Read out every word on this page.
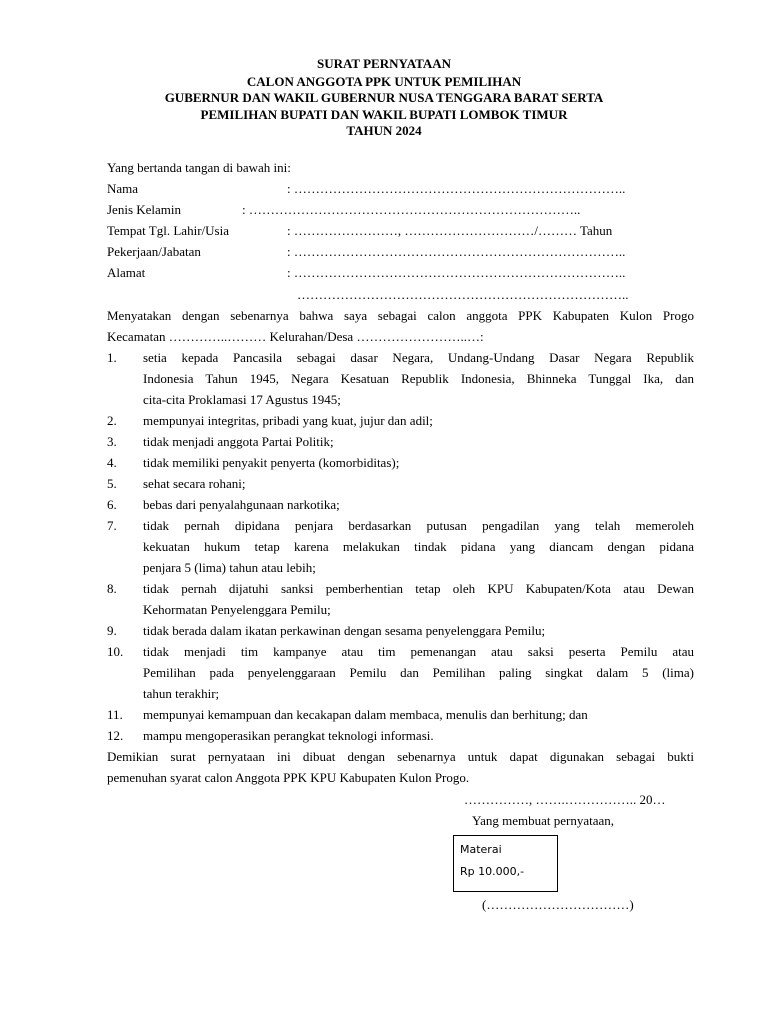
SURAT PERNYATAAN
CALON ANGGOTA PPK UNTUK PEMILIHAN
GUBERNUR DAN WAKIL GUBERNUR NUSA TENGGARA BARAT SERTA
PEMILIHAN BUPATI DAN WAKIL BUPATI LOMBOK TIMUR
TAHUN 2024
Yang bertanda tangan di bawah ini:
Nama	: …………………………………………………………………..
Jenis Kelamin	: …………………………………………………………………..
Tempat Tgl. Lahir/Usia	: ……………………, …………………………/……… Tahun
Pekerjaan/Jabatan	: …………………………………………………………………..
Alamat	: …………………………………………………………………..
…………………………………………………………………..
Menyatakan dengan sebenarnya bahwa saya sebagai calon anggota PPK Kabupaten Kulon Progo
Kecamatan …………..……… Kelurahan/Desa ……………………..…:
1. setia kepada Pancasila sebagai dasar Negara, Undang-Undang Dasar Negara Republik
Indonesia Tahun 1945, Negara Kesatuan Republik Indonesia, Bhinneka Tunggal Ika, dan
cita-cita Proklamasi 17 Agustus 1945;
2. mempunyai integritas, pribadi yang kuat, jujur dan adil;
3. tidak menjadi anggota Partai Politik;
4. tidak memiliki penyakit penyerta (komorbiditas);
5. sehat secara rohani;
6. bebas dari penyalahgunaan narkotika;
7. tidak pernah dipidana penjara berdasarkan putusan pengadilan yang telah memeroleh
kekuatan hukum tetap karena melakukan tindak pidana yang diancam dengan pidana
penjara 5 (lima) tahun atau lebih;
8. tidak pernah dijatuhi sanksi pemberhentian tetap oleh KPU Kabupaten/Kota atau Dewan
Kehormatan Penyelenggara Pemilu;
9. tidak berada dalam ikatan perkawinan dengan sesama penyelenggara Pemilu;
10. tidak menjadi tim kampanye atau tim pemenangan atau saksi peserta Pemilu atau
Pemilihan pada penyelenggaraan Pemilu dan Pemilihan paling singkat dalam 5 (lima)
tahun terakhir;
11. mempunyai kemampuan dan kecakapan dalam membaca, menulis dan berhitung; dan
12. mampu mengoperasikan perangkat teknologi informasi.
Demikian surat pernyataan ini dibuat dengan sebenarnya untuk dapat digunakan sebagai bukti
pemenuhan syarat calon Anggota PPK KPU Kabupaten Kulon Progo.
……………, …….…………….. 20…
Yang membuat pernyataan,
Materai
Rp 10.000,-
(……………………………)
